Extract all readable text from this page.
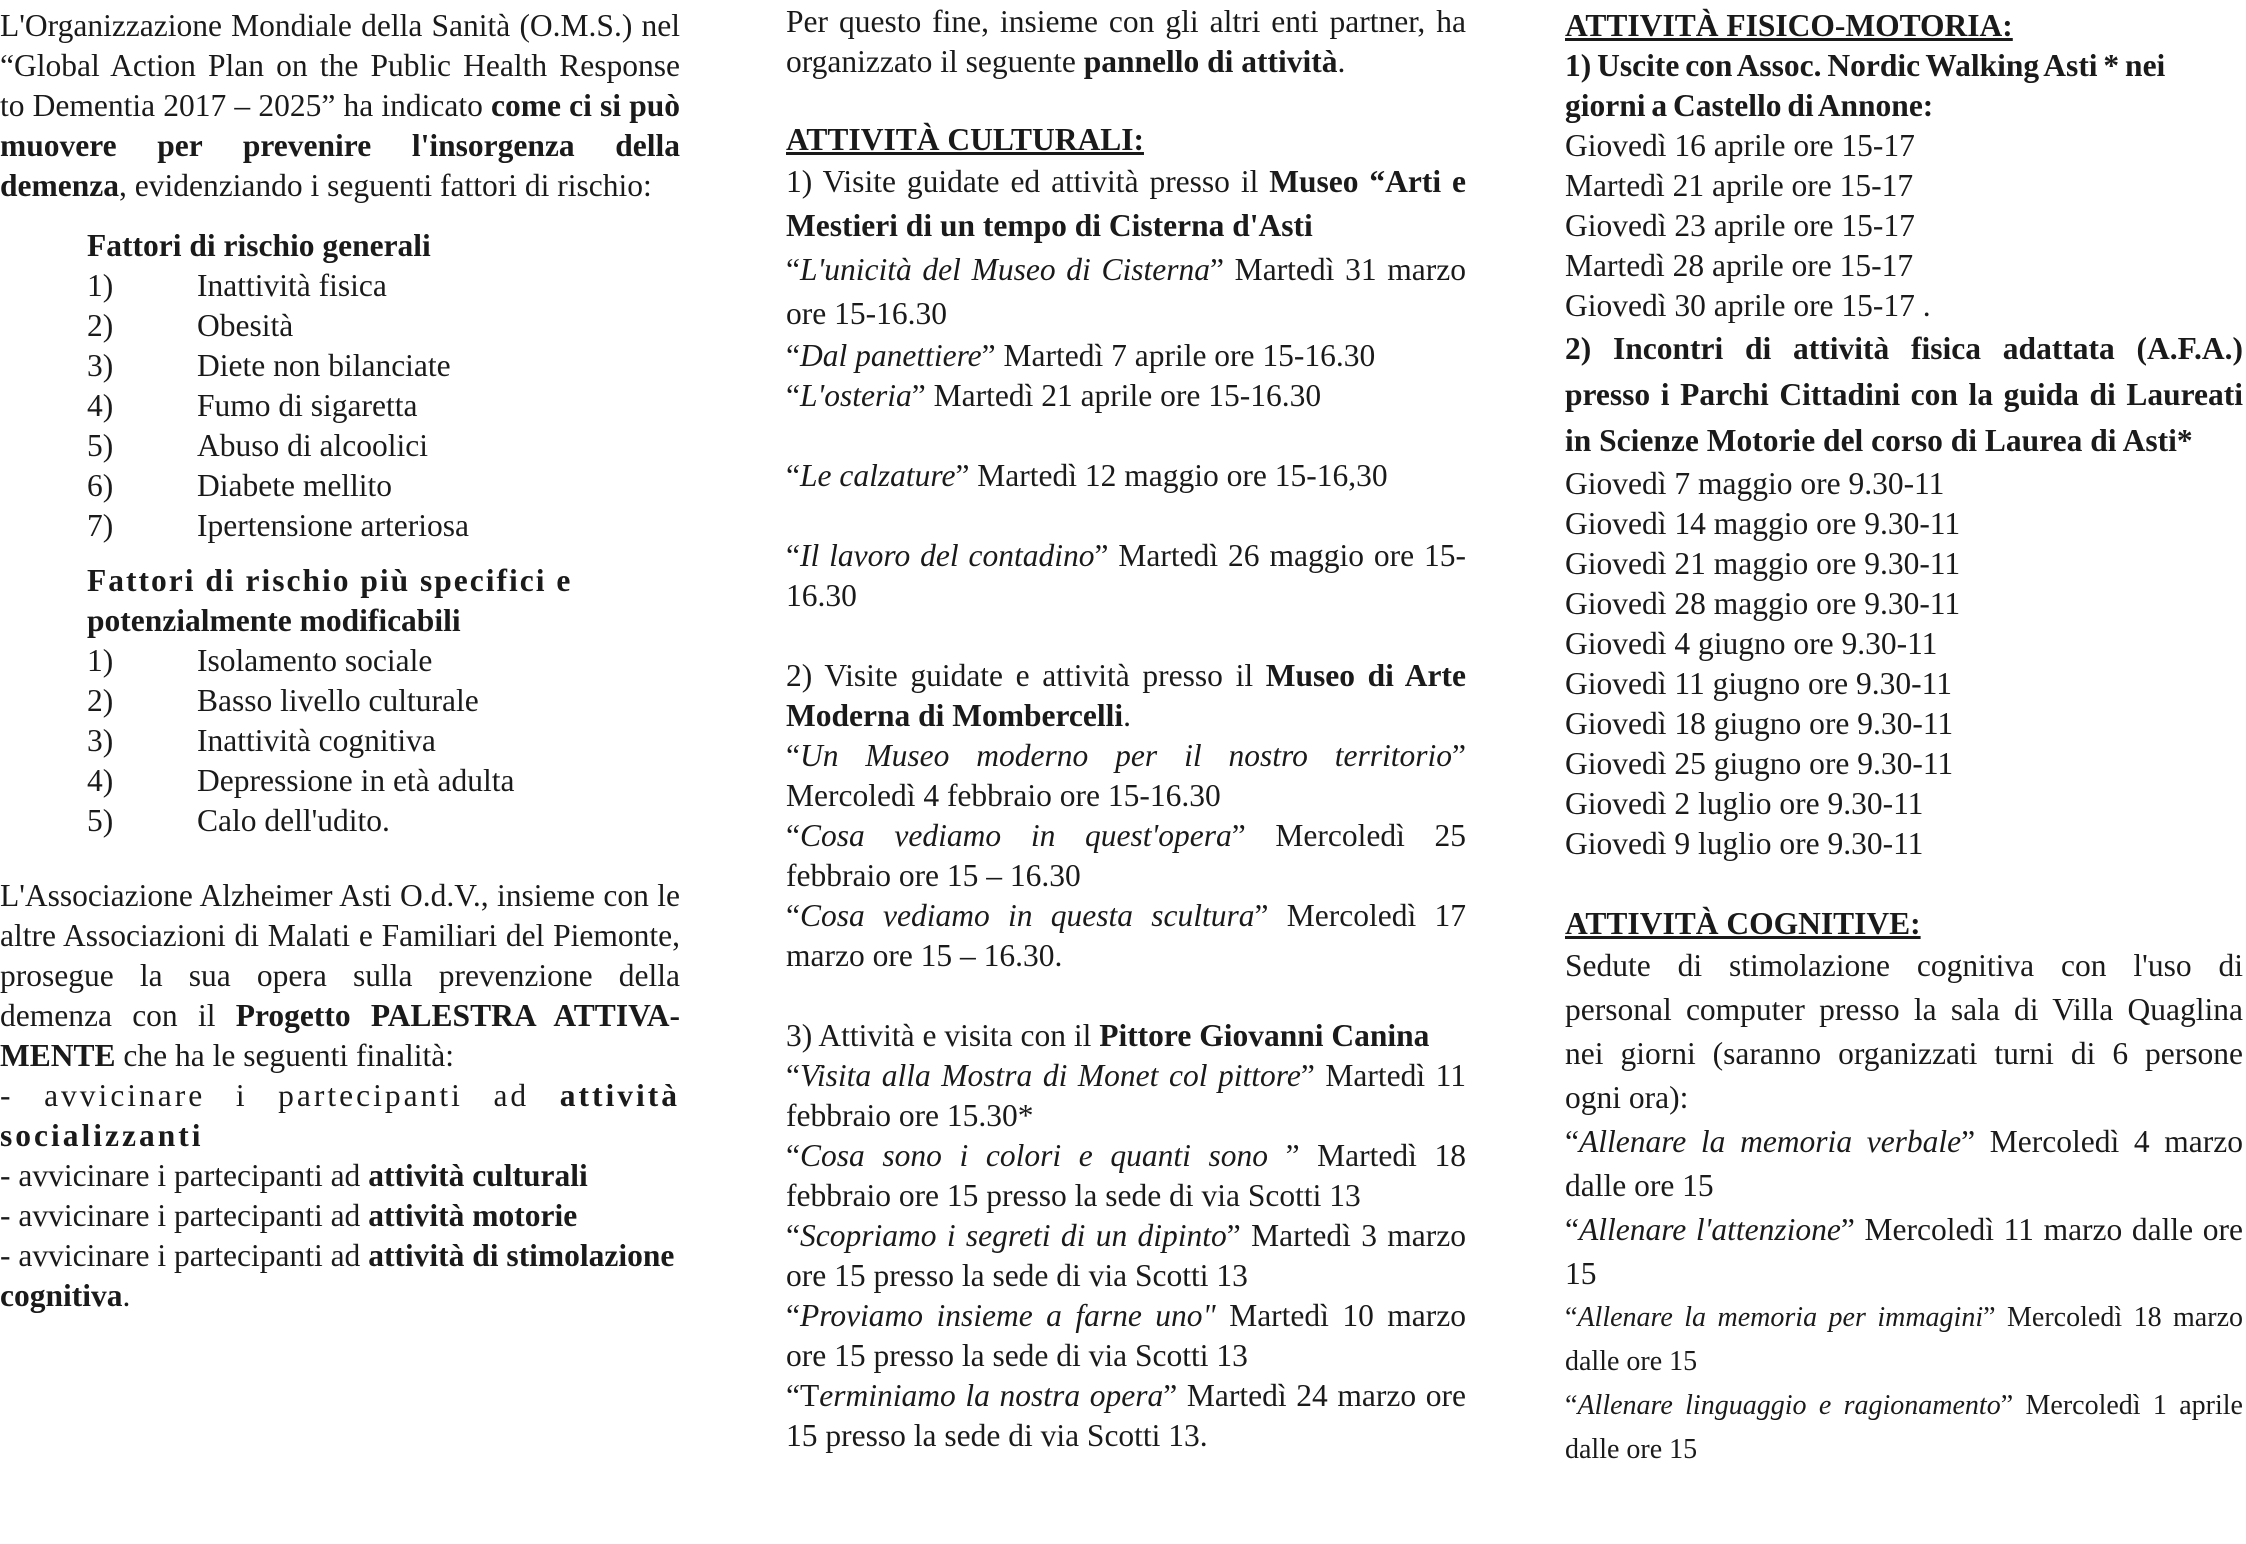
L'Organizzazione Mondiale della Sanità (O.M.S.) nel “Global Action Plan on the Public Health Response to Dementia 2017 – 2025” ha indicato come ci si può muovere per prevenire l'insorgenza della demenza, evidenziando i seguenti fattori di rischio:

Fattori di rischio generali
1)	Inattività fisica
2)	Obesità
3)	Diete non bilanciate
4)	Fumo di sigaretta
5)	Abuso di alcoolici
6)	Diabete mellito
7)	Ipertensione arteriosa
Fattori di rischio più specifici e
potenzialmente modificabili
1)	Isolamento sociale
2)	Basso livello culturale
3)	Inattività cognitiva
4)	Depressione in età adulta
5)	Calo dell'udito.

L'Associazione Alzheimer Asti O.d.V., insieme con le altre Associazioni di Malati e Familiari del Piemonte, prosegue la sua opera sulla prevenzione della demenza con il Progetto PALESTRA ATTIVA-MENTE che ha le seguenti finalità:

- avvicinare i partecipanti ad attività socializzanti

- avvicinare i partecipanti ad attività culturali

- avvicinare i partecipanti ad attività motorie

- avvicinare i partecipanti ad attività di stimolazione cognitiva.

Per questo fine, insieme con gli altri enti partner, ha organizzato il seguente pannello di attività.

ATTIVITÀ CULTURALI:

1) Visite guidate ed attività presso il Museo “Arti e Mestieri di un tempo di Cisterna d'Asti

“L'unicità del Museo di Cisterna” Martedì 31 marzo ore 15-16.30

“Dal panettiere” Martedì 7 aprile ore 15-16.30

“L'osteria” Martedì 21 aprile ore 15-16.30

“Le calzature” Martedì 12 maggio ore 15-16,30

“Il lavoro del contadino” Martedì 26 maggio ore 15-16.30

2) Visite guidate e attività presso il Museo di Arte Moderna di Mombercelli.

“Un Museo moderno per il nostro territorio” Mercoledì 4 febbraio ore 15-16.30

“Cosa vediamo in quest'opera” Mercoledì 25 febbraio ore 15 – 16.30

“Cosa vediamo in questa scultura” Mercoledì 17 marzo ore 15 – 16.30.

3) Attività e visita con il Pittore Giovanni Canina

“Visita alla Mostra di Monet col pittore” Martedì 11 febbraio ore 15.30*

“Cosa sono i colori e quanti sono ” Martedì 18 febbraio ore 15 presso la sede di via Scotti 13

“Scopriamo i segreti di un dipinto” Martedì 3 marzo ore 15 presso la sede di via Scotti 13

“Proviamo insieme a farne uno" Martedì 10 marzo ore 15 presso la sede di via Scotti 13

“Terminiamo la nostra opera” Martedì 24 marzo ore 15 presso la sede di via Scotti 13.

ATTIVITÀ FISICO-MOTORIA:

1) Uscite con Assoc. Nordic Walking Asti * nei giorni a Castello di Annone:

Giovedì 16 aprile ore 15-17

Martedì 21 aprile ore 15-17

Giovedì 23 aprile ore 15-17

Martedì 28 aprile ore 15-17

Giovedì 30 aprile ore 15-17 .

2) Incontri di attività fisica adattata (A.F.A.) presso i Parchi Cittadini con la guida di Laureati in Scienze Motorie del corso di Laurea di Asti*

Giovedì 7 maggio ore 9.30-11

Giovedì 14 maggio ore 9.30-11

Giovedì 21 maggio ore 9.30-11

Giovedì 28 maggio ore 9.30-11

Giovedì 4 giugno ore 9.30-11

Giovedì 11 giugno ore 9.30-11

Giovedì 18 giugno ore 9.30-11

Giovedì 25 giugno ore 9.30-11

Giovedì 2 luglio ore 9.30-11

Giovedì 9 luglio ore 9.30-11

ATTIVITÀ COGNITIVE:

Sedute di stimolazione cognitiva con l'uso di personal computer presso la sala di Villa Quaglina nei giorni (saranno organizzati turni di 6 persone ogni ora):

“Allenare la memoria verbale” Mercoledì 4 marzo dalle ore 15

“Allenare l'attenzione” Mercoledì 11 marzo dalle ore 15

“Allenare la memoria per immagini” Mercoledì 18 marzo dalle ore 15

“Allenare linguaggio e ragionamento” Mercoledì 1 aprile dalle ore 15
